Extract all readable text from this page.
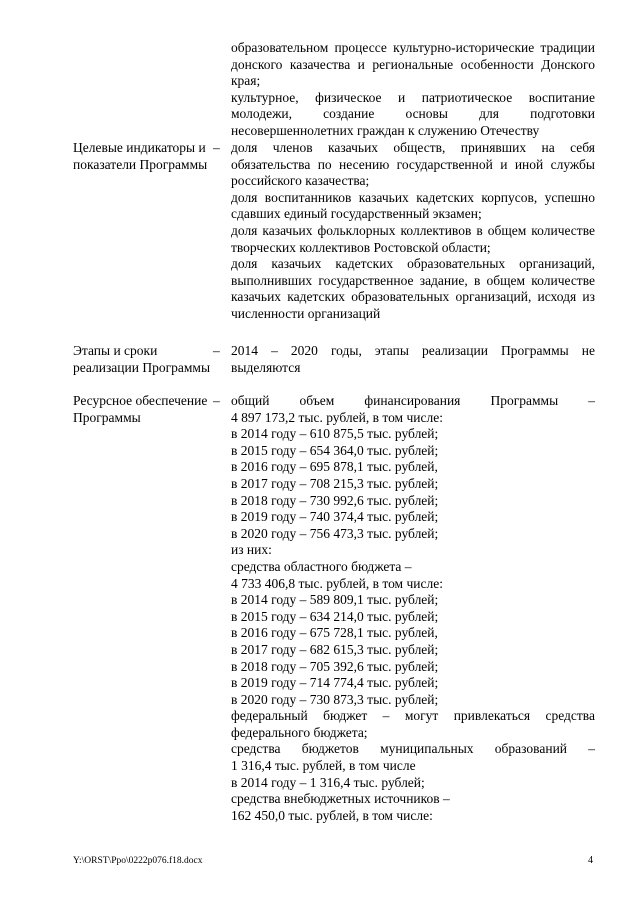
образовательном процессе культурно-исторические традиции донского казачества и региональные особенности Донского края;
культурное, физическое и патриотическое воспитание молодежи, создание основы для подготовки несовершеннолетних граждан к служению Отечеству
Целевые индикаторы и показатели Программы
– доля членов казачьих обществ, принявших на себя обязательства по несению государственной и иной службы российского казачества;
доля воспитанников казачьих кадетских корпусов, успешно сдавших единый государственный экзамен;
доля казачьих фольклорных коллективов в общем количестве творческих коллективов Ростовской области;
доля казачьих кадетских образовательных организаций, выполнивших государственное задание, в общем количестве казачьих кадетских образовательных организаций, исходя из численности организаций
Этапы и сроки реализации Программы
– 2014 – 2020 годы, этапы реализации Программы не выделяются
Ресурсное обеспечение Программы
– общий объем финансирования Программы –
4 897 173,2 тыс. рублей, в том числе:
в 2014 году – 610 875,5 тыс. рублей;
в 2015 году – 654 364,0 тыс. рублей;
в 2016 году – 695 878,1 тыс. рублей,
в 2017 году – 708 215,3 тыс. рублей;
в 2018 году – 730 992,6 тыс. рублей;
в 2019 году – 740 374,4 тыс. рублей;
в 2020 году – 756 473,3 тыс. рублей;
из них:
средства областного бюджета –
4 733 406,8 тыс. рублей, в том числе:
в 2014 году – 589 809,1 тыс. рублей;
в 2015 году – 634 214,0 тыс. рублей;
в 2016 году – 675 728,1 тыс. рублей,
в 2017 году – 682 615,3 тыс. рублей;
в 2018 году – 705 392,6 тыс. рублей;
в 2019 году – 714 774,4 тыс. рублей;
в 2020 году – 730 873,3 тыс. рублей;
федеральный бюджет – могут привлекаться средства федерального бюджета;
средства бюджетов муниципальных образований –
1 316,4 тыс. рублей, в том числе
в 2014 году – 1 316,4 тыс. рублей;
средства внебюджетных источников –
162 450,0 тыс. рублей, в том числе:
Y:\ORST\Ppo\0222p076.f18.docx	4
